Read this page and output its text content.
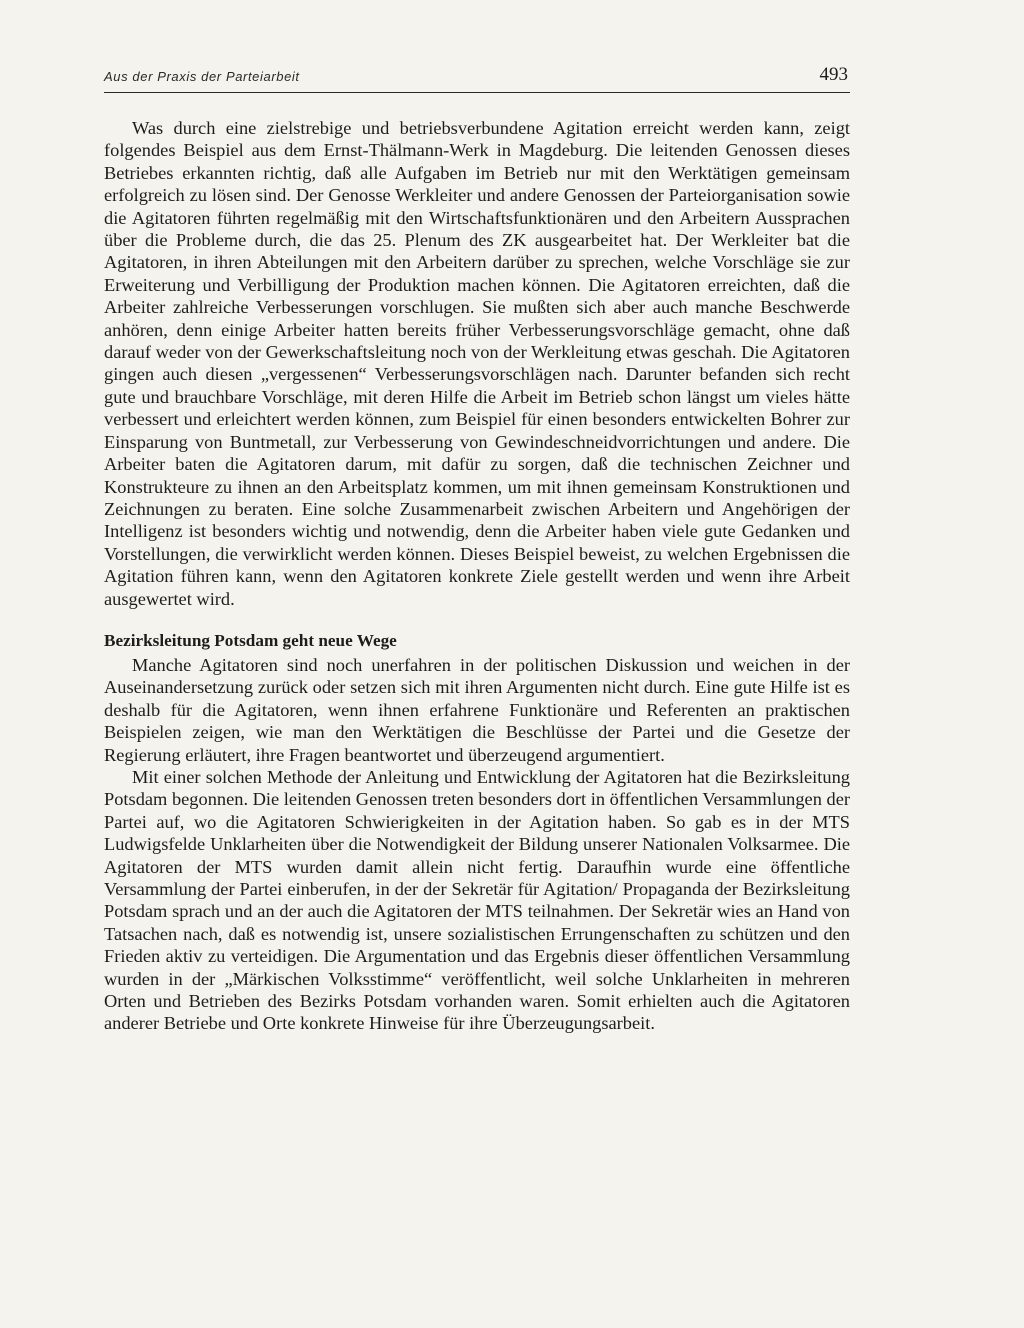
Aus der Praxis der Parteiarbeit	493

Was durch eine zielstrebige und betriebsverbundene Agitation erreicht werden kann, zeigt folgendes Beispiel aus dem Ernst-Thälmann-Werk in Magdeburg. Die leitenden Genossen dieses Betriebes erkannten richtig, daß alle Aufgaben im Betrieb nur mit den Werktätigen gemeinsam erfolgreich zu lösen sind. Der Genosse Werkleiter und andere Genossen der Parteiorganisation sowie die Agitatoren führten regelmäßig mit den Wirtschaftsfunktionären und den Arbeitern Aussprachen über die Probleme durch, die das 25. Plenum des ZK ausgearbeitet hat. Der Werkleiter bat die Agitatoren, in ihren Abteilungen mit den Arbeitern darüber zu sprechen, welche Vorschläge sie zur Erweiterung und Verbilligung der Produktion machen können. Die Agitatoren erreichten, daß die Arbeiter zahlreiche Verbesserungen vorschlugen. Sie mußten sich aber auch manche Beschwerde anhören, denn einige Arbeiter hatten bereits früher Verbesserungsvorschläge gemacht, ohne daß darauf weder von der Gewerkschaftsleitung noch von der Werkleitung etwas geschah. Die Agitatoren gingen auch diesen „vergessenen“ Verbesserungsvorschlägen nach. Darunter befanden sich recht gute und brauchbare Vorschläge, mit deren Hilfe die Arbeit im Betrieb schon längst um vieles hätte verbessert und erleichtert werden können, zum Beispiel für einen besonders entwickelten Bohrer zur Einsparung von Buntmetall, zur Verbesserung von Gewindeschneidvorrichtungen und andere. Die Arbeiter baten die Agitatoren darum, mit dafür zu sorgen, daß die technischen Zeichner und Konstrukteure zu ihnen an den Arbeitsplatz kommen, um mit ihnen gemeinsam Konstruktionen und Zeichnungen zu beraten. Eine solche Zusammenarbeit zwischen Arbeitern und Angehörigen der Intelligenz ist besonders wichtig und notwendig, denn die Arbeiter haben viele gute Gedanken und Vorstellungen, die verwirklicht werden können. Dieses Beispiel beweist, zu welchen Ergebnissen die Agitation führen kann, wenn den Agitatoren konkrete Ziele gestellt werden und wenn ihre Arbeit ausgewertet wird.

Bezirksleitung Potsdam geht neue Wege

Manche Agitatoren sind noch unerfahren in der politischen Diskussion und weichen in der Auseinandersetzung zurück oder setzen sich mit ihren Argumenten nicht durch. Eine gute Hilfe ist es deshalb für die Agitatoren, wenn ihnen erfahrene Funktionäre und Referenten an praktischen Beispielen zeigen, wie man den Werktätigen die Beschlüsse der Partei und die Gesetze der Regierung erläutert, ihre Fragen beantwortet und überzeugend argumentiert.

Mit einer solchen Methode der Anleitung und Entwicklung der Agitatoren hat die Bezirksleitung Potsdam begonnen. Die leitenden Genossen treten besonders dort in öffentlichen Versammlungen der Partei auf, wo die Agitatoren Schwierigkeiten in der Agitation haben. So gab es in der MTS Ludwigsfelde Unklarheiten über die Notwendigkeit der Bildung unserer Nationalen Volksarmee. Die Agitatoren der MTS wurden damit allein nicht fertig. Daraufhin wurde eine öffentliche Versammlung der Partei einberufen, in der der Sekretär für Agitation/ Propaganda der Bezirksleitung Potsdam sprach und an der auch die Agitatoren der MTS teilnahmen. Der Sekretär wies an Hand von Tatsachen nach, daß es notwendig ist, unsere sozialistischen Errungenschaften zu schützen und den Frieden aktiv zu verteidigen. Die Argumentation und das Ergebnis dieser öffentlichen Versammlung wurden in der „Märkischen Volksstimme“ veröffentlicht, weil solche Unklarheiten in mehreren Orten und Betrieben des Bezirks Potsdam vorhanden waren. Somit erhielten auch die Agitatoren anderer Betriebe und Orte konkrete Hinweise für ihre Überzeugungsarbeit.
